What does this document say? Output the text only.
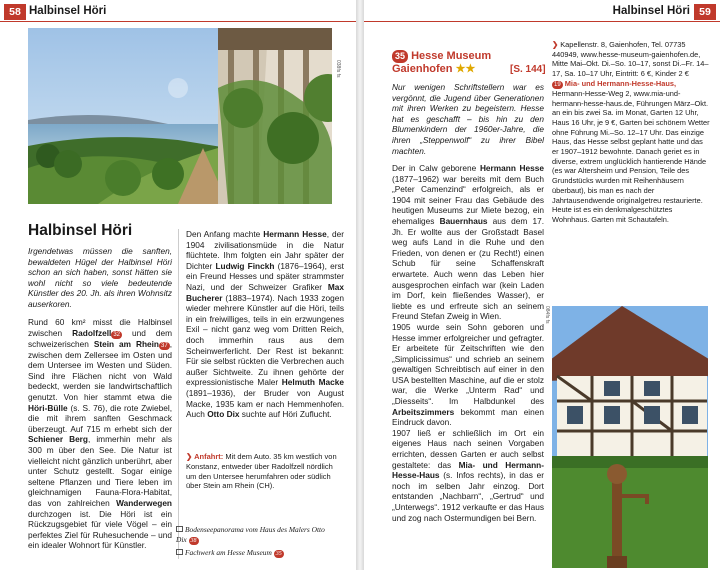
58 Halbinsel Höri
038fs fs
Halbinsel Höri
Irgendetwas müssen die sanften, bewaldeten Hügel der Halbinsel Höri schon an sich haben, sonst hätten sie wohl nicht so viele bedeutende Künstler des 20. Jh. als ihren Wohnsitz auserkoren.
Rund 60 km² misst die Halbinsel zwischen Radolfzell 32 und dem schweizerischen Stein am Rhein 37 , zwischen dem Zellersee im Osten und dem Untersee im Westen und Süden. Sind ihre Flächen nicht von Wald bedeckt, werden sie landwirtschaftlich genutzt. Von hier stammt etwa die Höri-Bülle (s. S. 76), die rote Zwiebel, die mit ihrem sanften Geschmack überzeugt. Auf 715 m erhebt sich der Schiener Berg, immerhin mehr als 300 m über den See. Die Natur ist vielleicht nicht gänzlich unberührt, aber unter Schutz gestellt. Sogar einige seltene Pflanzen und Tiere leben im gleichnamigen Fauna-Flora-Habitat, das von zahlreichen Wanderwegen durchzogen ist. Die Höri ist ein Rückzugsgebiet für viele Vögel – ein perfektes Ziel für Ruhesuchende – und ein idealer Wohnort für Künstler.
Den Anfang machte Hermann Hesse, der 1904 zivilisationsmüde in die Natur flüchtete. Ihm folgten ein Jahr später der Dichter Ludwig Finckh (1876–1964), erst ein Freund Hesses und später strammster Nazi, und der Schweizer Grafiker Max Bucherer (1883–1974). Nach 1933 zogen wieder mehrere Künstler auf die Höri, teils in ein freiwilliges, teils in ein erzwungenes Exil – nicht ganz weg vom Dritten Reich, doch immerhin raus aus dem Scheinwerferlicht. Der Rest ist bekannt: Für sie selbst rückten die Verbrechen auch außer Sichtweite. Zu ihnen gehörte der expressionistische Maler Helmuth Macke (1891–1936), der Bruder von August Macke, 1935 kam er nach Hemmenhofen. Auch Otto Dix suchte auf Höri Zuflucht.
❯ Anfahrt: Mit dem Auto. 35 km westlich von Konstanz, entweder über Radolfzell nördlich um den Untersee herumfahren oder südlich über Stein am Rhein (CH).
Bodenseepanorama vom Haus des Malers Otto Dix 38
Fachwerk am Hesse Museum 35
Halbinsel Höri 59
35 Hesse Museum
Gaienhofen ★★	[S. 144]
Nur wenigen Schriftstellern war es vergönnt, die Jugend über Generationen mit ihren Werken zu begeistern. Hesse hat es geschafft – bis hin zu den Blumenkindern der 1960er-Jahre, die ihren „Steppenwolf“ zu ihrer Bibel machten.
Der in Calw geborene Hermann Hesse (1877–1962) war bereits mit dem Buch „Peter Camenzind“ erfolgreich, als er 1904 mit seiner Frau das Gebäude des heutigen Museums zur Miete bezog, ein ehemaliges Bauernhaus aus dem 17. Jh. Er wollte aus der Großstadt Basel weg aufs Land in die Ruhe und den Frieden, von denen er (zu Recht!) einen Schub für seine Schaffenskraft erwartete. Auch wenn das Leben hier ausgesprochen einfach war (kein Laden im Dorf, kein fließendes Wasser), er liebte es und erfreute sich an seinem Freund Stefan Zweig in Wien.
1905 wurde sein Sohn geboren und Hesse immer erfolgreicher und gefragter. Er arbeitete für Zeitschriften wie den „Simplicissimus“ und schrieb an seinem gewaltigen Schreibtisch auf einer in den USA bestellten Maschine, auf die er stolz war, die Werke „Unterm Rad“ und „Diesseits“. Im Halbdunkel des Arbeitszimmers bekommt man einen Eindruck davon.
1907 ließ er schließlich im Ort ein eigenes Haus nach seinen Vorgaben errichten, dessen Garten er auch selbst gestaltete: das Mia- und Hermann-Hesse-Haus (s. Infos rechts), in das er noch im selben Jahr einzog. Dort entstanden „Nachbarn“, „Gertrud“ und „Unterwegs“. 1912 verkaufte er das Haus und zog nach Ostermundigen bei Bern.
❯ Kapellenstr. 8, Gaienhofen, Tel. 07735 440949, www.hesse-museum-gaienhofen.de, Mitte Mai–Okt. Di.–So. 10–17, sonst Di.–Fr. 14–17, Sa. 10–17 Uhr, Eintritt: 6 €, Kinder 2 €
19 Mia- und Hermann-Hesse-Haus, Hermann-Hesse-Weg 2, www.mia-und-hermann-hesse-haus.de, Führungen März–Okt. an ein bis zwei Sa. im Monat, Garten 12 Uhr, Haus 16 Uhr, je 9 €, Garten bei schönem Wetter ohne Führung Mi.–So. 12–17 Uhr. Das einzige Haus, das Hesse selbst geplant hatte und das er 1907–1912 bewohnte. Danach geriet es in diverse, extrem unglücklich hantierende Hände (es war Altersheim und Pension, Teile des Grundstücks wurden mit Reihenhäusern überbaut), bis man es nach der Jahrtausendwende originalgetreu restaurierte. Heute ist es ein denkmalgeschütztes Wohnhaus. Garten mit Schautafeln.
084fs fs
